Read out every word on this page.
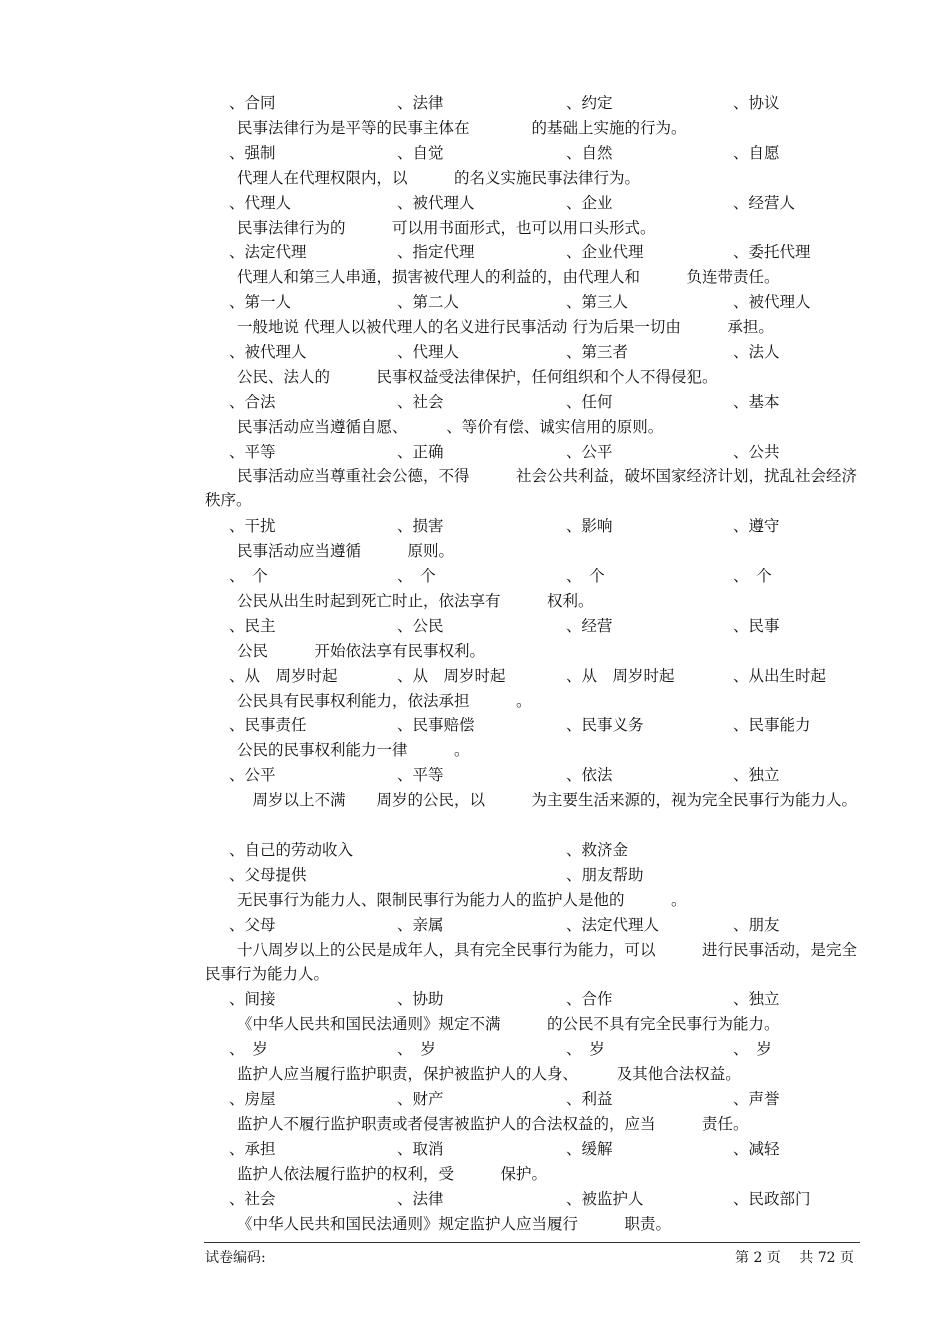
、合同	、法律	、约定	、协议
民事法律行为是平等的民事主体在　　　　的基础上实施的行为。
、强制	、自觉	、自然	、自愿
代理人在代理权限内，以　　　的名义实施民事法律行为。
、代理人	、被代理人	、企业	、经营人
民事法律行为的　　　可以用书面形式，也可以用口头形式。
、法定代理	、指定代理	、企业代理	、委托代理
代理人和第三人串通，损害被代理人的利益的，由代理人和　　　负连带责任。
、第一人	、第二人	、第三人	、被代理人
一般地说 代理人以被代理人的名义进行民事活动 行为后果一切由　　　承担。
、被代理人	、代理人	、第三者	、法人
公民、法人的　　　民事权益受法律保护，任何组织和个人不得侵犯。
、合法	、社会	、任何	、基本
民事活动应当遵循自愿、　　　、等价有偿、诚实信用的原则。
、平等	、正确	、公平	、公共
民事活动应当尊重社会公德，不得　　　社会公共利益，破坏国家经济计划，扰乱社会经济秩序。
、干扰	、损害	、影响	、遵守
民事活动应当遵循　　　原则。
、　个	、　个	、　个	、　个
公民从出生时起到死亡时止，依法享有　　　权利。
、民主	、公民	、经营	、民事
公民　　　开始依法享有民事权利。
、从　周岁时起	、从　周岁时起	、从　周岁时起	、从出生时起
公民具有民事权利能力，依法承担　　　。
、民事责任	、民事赔偿	、民事义务	、民事能力
公民的民事权利能力一律　　　。
、公平	、平等	、依法	、独立
　周岁以上不满　　周岁的公民，以　　　为主要生活来源的，视为完全民事行为能力人。
、自己的劳动收入	、救济金
、父母提供	、朋友帮助
无民事行为能力人、限制民事行为能力人的监护人是他的　　　。
、父母	、亲属	、法定代理人	、朋友
十八周岁以上的公民是成年人，具有完全民事行为能力，可以　　　进行民事活动，是完全民事行为能力人。
、间接	、协助	、合作	、独立
《中华人民共和国民法通则》规定不满　　　的公民不具有完全民事行为能力。
、　岁	、　岁	、　岁	、　岁
监护人应当履行监护职责，保护被监护人的人身、　　　及其他合法权益。
、房屋	、财产	、利益	、声誉
监护人不履行监护职责或者侵害被监护人的合法权益的，应当　　　责任。
、承担	、取消	、缓解	、减轻
监护人依法履行监护的权利，受　　　保护。
、社会	、法律	、被监护人	、民政部门
《中华人民共和国民法通则》规定监护人应当履行　　　职责。
试卷编码:	第 2 页　 共 72 页
